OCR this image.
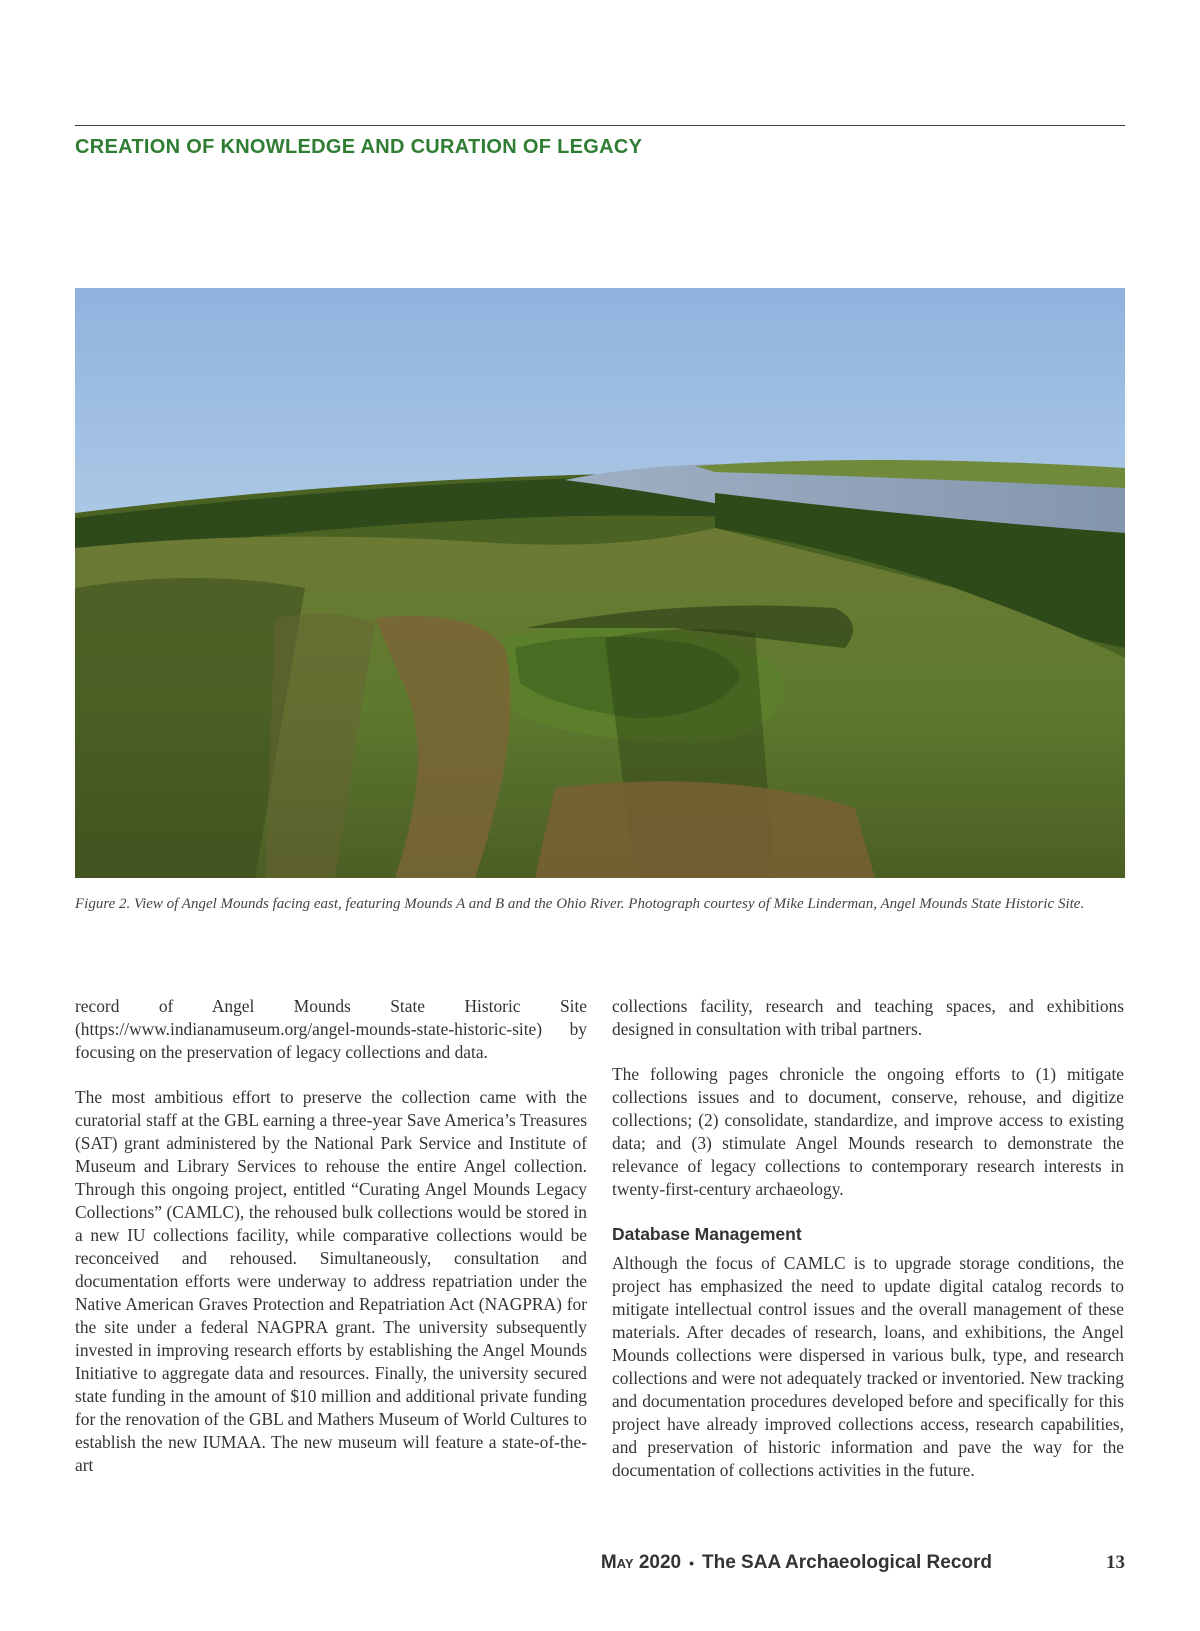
CREATION OF KNOWLEDGE AND CURATION OF LEGACY

Figure 2. View of Angel Mounds facing east, featuring Mounds A and B and the Ohio River. Photograph courtesy of Mike Linderman, Angel Mounds State Historic Site.

record of Angel Mounds State Historic Site (https://www.indianamuseum.org/angel-mounds-state-historic-site) by focusing on the preservation of legacy collections and data.

The most ambitious effort to preserve the collection came with the curatorial staff at the GBL earning a three-year Save America’s Treasures (SAT) grant administered by the National Park Service and Institute of Museum and Library Services to rehouse the entire Angel collection. Through this ongoing project, entitled “Curating Angel Mounds Legacy Collections” (CAMLC), the rehoused bulk collections would be stored in a new IU collections facility, while comparative collections would be reconceived and rehoused. Simultaneously, consultation and documentation efforts were underway to address repatriation under the Native American Graves Protection and Repatriation Act (NAGPRA) for the site under a federal NAGPRA grant. The university subsequently invested in improving research efforts by establishing the Angel Mounds Initiative to aggregate data and resources. Finally, the university secured state funding in the amount of $10 million and additional private funding for the renovation of the GBL and Mathers Museum of World Cultures to establish the new IUMAA. The new museum will feature a state-of-the-art

collections facility, research and teaching spaces, and exhibitions designed in consultation with tribal partners.

The following pages chronicle the ongoing efforts to (1) mitigate collections issues and to document, conserve, rehouse, and digitize collections; (2) consolidate, standardize, and improve access to existing data; and (3) stimulate Angel Mounds research to demonstrate the relevance of legacy collections to contemporary research interests in twenty-first-century archaeology.

Database Management

Although the focus of CAMLC is to upgrade storage conditions, the project has emphasized the need to update digital catalog records to mitigate intellectual control issues and the overall management of these materials. After decades of research, loans, and exhibitions, the Angel Mounds collections were dispersed in various bulk, type, and research collections and were not adequately tracked or inventoried. New tracking and documentation procedures developed before and specifically for this project have already improved collections access, research capabilities, and preservation of historic information and pave the way for the documentation of collections activities in the future.

May 2020 • The SAA Archaeological Record	13
